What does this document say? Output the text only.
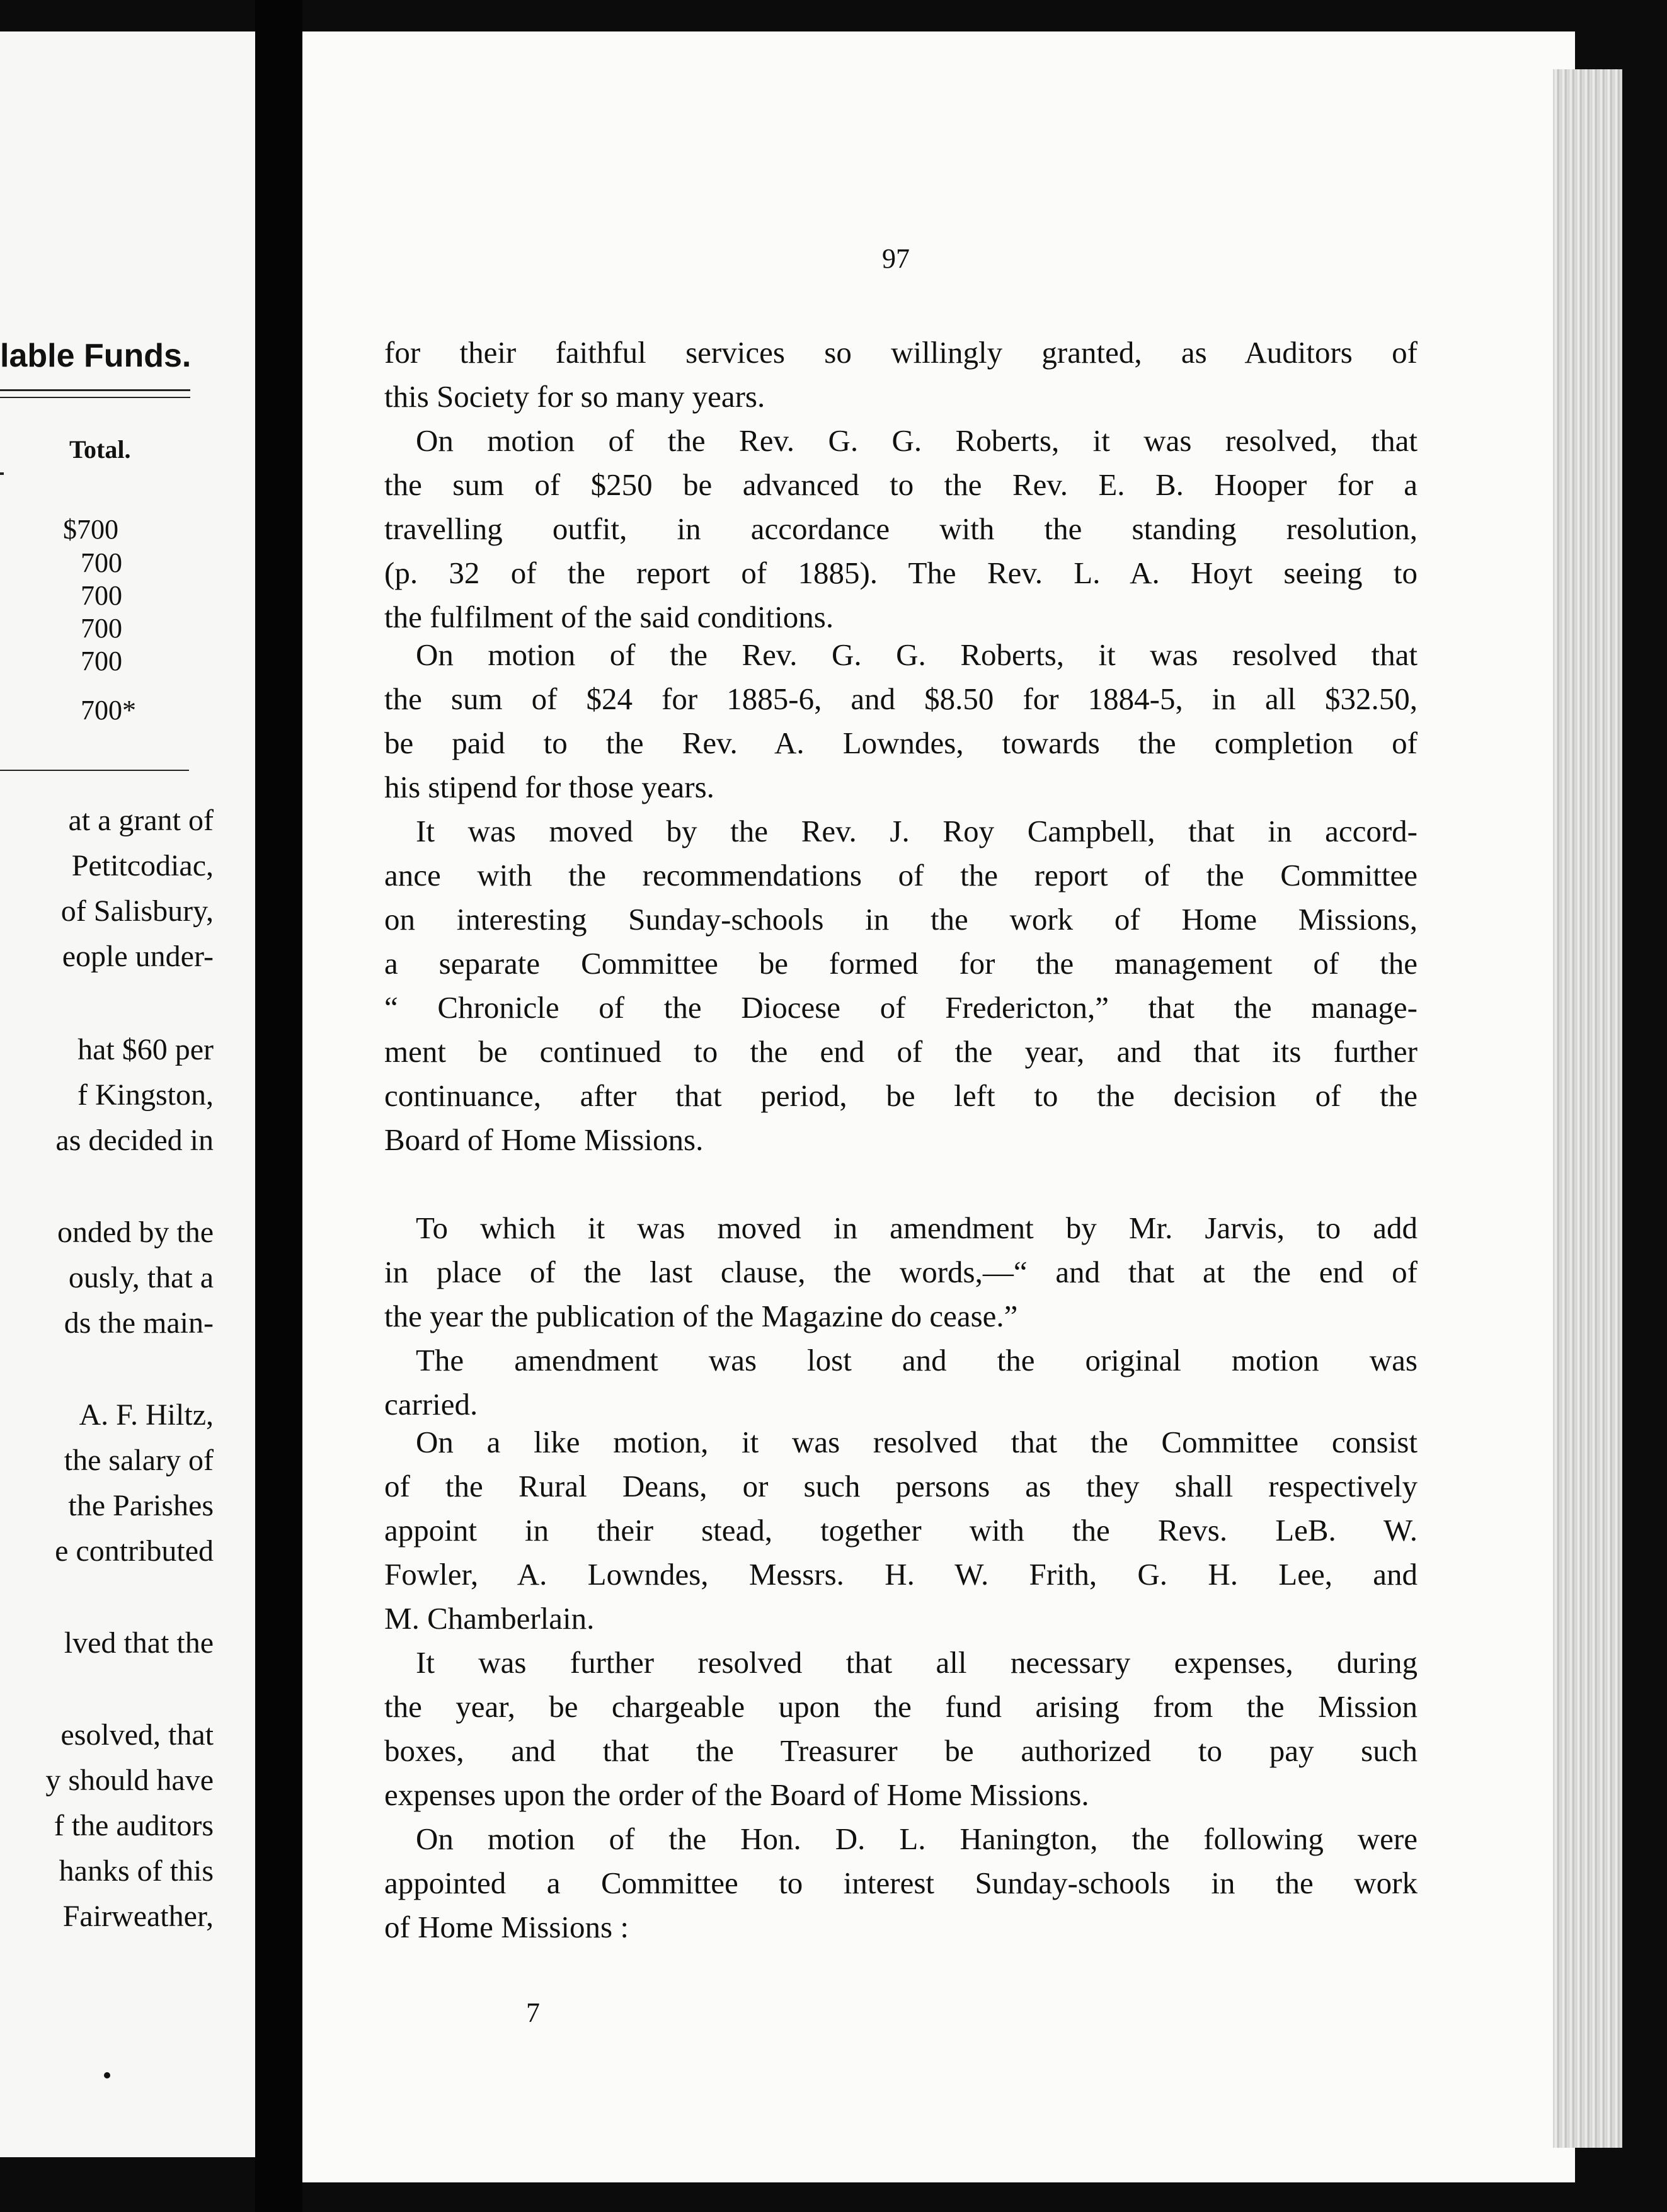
lable Funds.
Total.
$700
700
700
700
700
700*
at a grant of
Petitcodiac,
of Salisbury,
eople under-
hat $60 per
f Kingston,
as decided in
onded by the
ously, that a
ds the main-
A. F. Hiltz,
the salary of
the Parishes
e contributed
lved that the
esolved, that
y should have
f the auditors
hanks of this
Fairweather,
97
for their faithful services so willingly granted, as Auditors of
this Society for so many years.
On motion of the Rev. G. G. Roberts, it was resolved, that
the sum of $250 be advanced to the Rev. E. B. Hooper for a
travelling outfit, in accordance with the standing resolution,
(p. 32 of the report of 1885). The Rev. L. A. Hoyt seeing to
the fulfilment of the said conditions.
On motion of the Rev. G. G. Roberts, it was resolved that
the sum of $24 for 1885-6, and $8.50 for 1884-5, in all $32.50,
be paid to the Rev. A. Lowndes, towards the completion of
his stipend for those years.
It was moved by the Rev. J. Roy Campbell, that in accord-
ance with the recommendations of the report of the Committee
on interesting Sunday-schools in the work of Home Missions,
a separate Committee be formed for the management of the
“ Chronicle of the Diocese of Fredericton,” that the manage-
ment be continued to the end of the year, and that its further
continuance, after that period, be left to the decision of the
Board of Home Missions.
To which it was moved in amendment by Mr. Jarvis, to add
in place of the last clause, the words,—“ and that at the end of
the year the publication of the Magazine do cease.”
The amendment was lost and the original motion was
carried.
On a like motion, it was resolved that the Committee consist
of the Rural Deans, or such persons as they shall respectively
appoint in their stead, together with the Revs. LeB. W.
Fowler, A. Lowndes, Messrs. H. W. Frith, G. H. Lee, and
M. Chamberlain.
It was further resolved that all necessary expenses, during
the year, be chargeable upon the fund arising from the Mission
boxes, and that the Treasurer be authorized to pay such
expenses upon the order of the Board of Home Missions.
On motion of the Hon. D. L. Hanington, the following were
appointed a Committee to interest Sunday-schools in the work
of Home Missions :
7
